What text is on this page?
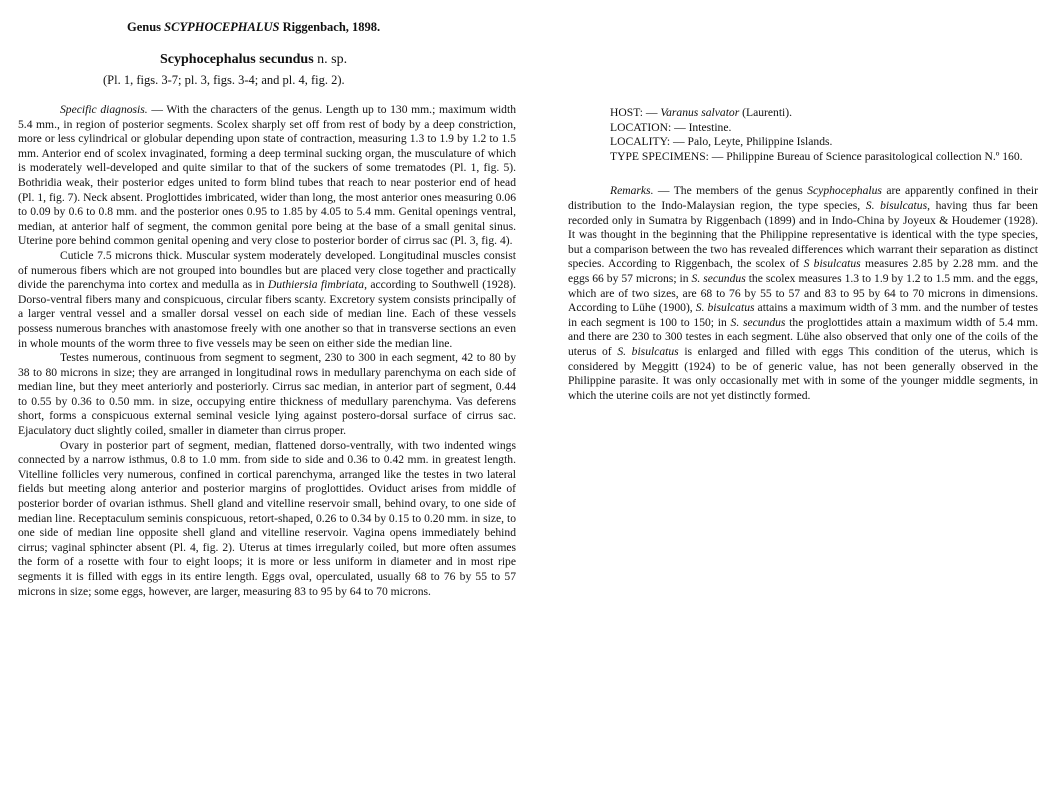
Genus SCYPHOCEPHALUS Riggenbach, 1898.
Scyphocephalus secundus n. sp.
(Pl. 1, figs. 3-7; pl. 3, figs. 3-4; and pl. 4, fig. 2).

Specific diagnosis. — With the characters of the genus. Length up to 130 mm.; maximum width 5.4 mm., in region of posterior segments. Scolex sharply set off from rest of body by a deep constriction, more or less cylindrical or globular depending upon state of contraction, measuring 1.3 to 1.9 by 1.2 to 1.5 mm. Anterior end of scolex invaginated, forming a deep terminal sucking organ, the musculature of which is moderately well-developed and quite similar to that of the suckers of some trematodes (Pl. 1, fig. 5). Bothridia weak, their posterior edges united to form blind tubes that reach to near posterior end of head (Pl. 1, fig. 7). Neck absent. Proglottides imbricated, wider than long, the most anterior ones measuring 0.06 to 0.09 by 0.6 to 0.8 mm. and the posterior ones 0.95 to 1.85 by 4.05 to 5.4 mm. Genital openings ventral, median, at anterior half of segment, the common genital pore being at the base of a small genital sinus. Uterine pore behind common genital opening and very close to posterior border of cirrus sac (Pl. 3, fig. 4).

Cuticle 7.5 microns thick. Muscular system moderately developed. Longitudinal muscles consist of numerous fibers which are not grouped into boundles but are placed very close together and practically divide the parenchyma into cortex and medulla as in Duthiersia fimbriata, according to Southwell (1928). Dorso-ventral fibers many and conspicuous, circular fibers scanty. Excretory system consists principally of a larger ventral vessel and a smaller dorsal vessel on each side of median line. Each of these vessels possess numerous branches with anastomose freely with one another so that in transverse sections an even in whole mounts of the worm three to five vessels may be seen on either side the median line.

Testes numerous, continuous from segment to segment, 230 to 300 in each segment, 42 to 80 by 38 to 80 microns in size; they are arranged in longitudinal rows in medullary parenchyma on each side of median line, but they meet anteriorly and posteriorly. Cirrus sac median, in anterior part of segment, 0.44 to 0.55 by 0.36 to 0.50 mm. in size, occupying entire thickness of medullary parenchyma. Vas deferens short, forms a conspicuous external seminal vesicle lying against postero-dorsal surface of cirrus sac. Ejaculatory duct slightly coiled, smaller in diameter than cirrus proper.

Ovary in posterior part of segment, median, flattened dorso-ventrally, with two indented wings connected by a narrow isthmus, 0.8 to 1.0 mm. from side to side and 0.36 to 0.42 mm. in greatest length. Vitelline follicles very numerous, confined in cortical parenchyma, arranged like the testes in two lateral fields but meeting along anterior and posterior margins of proglottides. Oviduct arises from middle of posterior border of ovarian isthmus. Shell gland and vitelline reservoir small, behind ovary, to one side of median line. Receptaculum seminis conspicuous, retort-shaped, 0.26 to 0.34 by 0.15 to 0.20 mm. in size, to one side of median line opposite shell gland and vitelline reservoir. Vagina opens immediately behind cirrus; vaginal sphincter absent (Pl. 4, fig. 2). Uterus at times irregularly coiled, but more often assumes the form of a rosette with four to eight loops; it is more or less uniform in diameter and in most ripe segments it is filled with eggs in its entire length. Eggs oval, operculated, usually 68 to 76 by 55 to 57 microns in size; some eggs, however, are larger, measuring 83 to 95 by 64 to 70 microns.

HOST: — Varanus salvator (Laurenti).

LOCATION: — Intestine.

LOCALITY: — Palo, Leyte, Philippine Islands.

TYPE SPECIMENS: — Philippine Bureau of Science parasitological collection N.º 160.

Remarks. — The members of the genus Scyphocephalus are apparently confined in their distribution to the Indo-Malaysian region, the type species, S. bisulcatus, having thus far been recorded only in Sumatra by Riggenbach (1899) and in Indo-China by Joyeux & Houdemer (1928). It was thought in the beginning that the Philippine representative is identical with the type species, but a comparison between the two has revealed differences which warrant their separation as distinct species. According to Riggenbach, the scolex of S bisulcatus measures 2.85 by 2.28 mm. and the eggs 66 by 57 microns; in S. secundus the scolex measures 1.3 to 1.9 by 1.2 to 1.5 mm. and the eggs, which are of two sizes, are 68 to 76 by 55 to 57 and 83 to 95 by 64 to 70 microns in dimensions. According to Lühe (1900), S. bisulcatus attains a maximum width of 3 mm. and the number of testes in each segment is 100 to 150; in S. secundus the proglottides attain a maximum width of 5.4 mm. and there are 230 to 300 testes in each segment. Lühe also observed that only one of the coils of the uterus of S. bisulcatus is enlarged and filled with eggs This condition of the uterus, which is considered by Meggitt (1924) to be of generic value, has not been generally observed in the Philippine parasite. It was only occasionally met with in some of the younger middle segments, in which the uterine coils are not yet distinctly formed.
